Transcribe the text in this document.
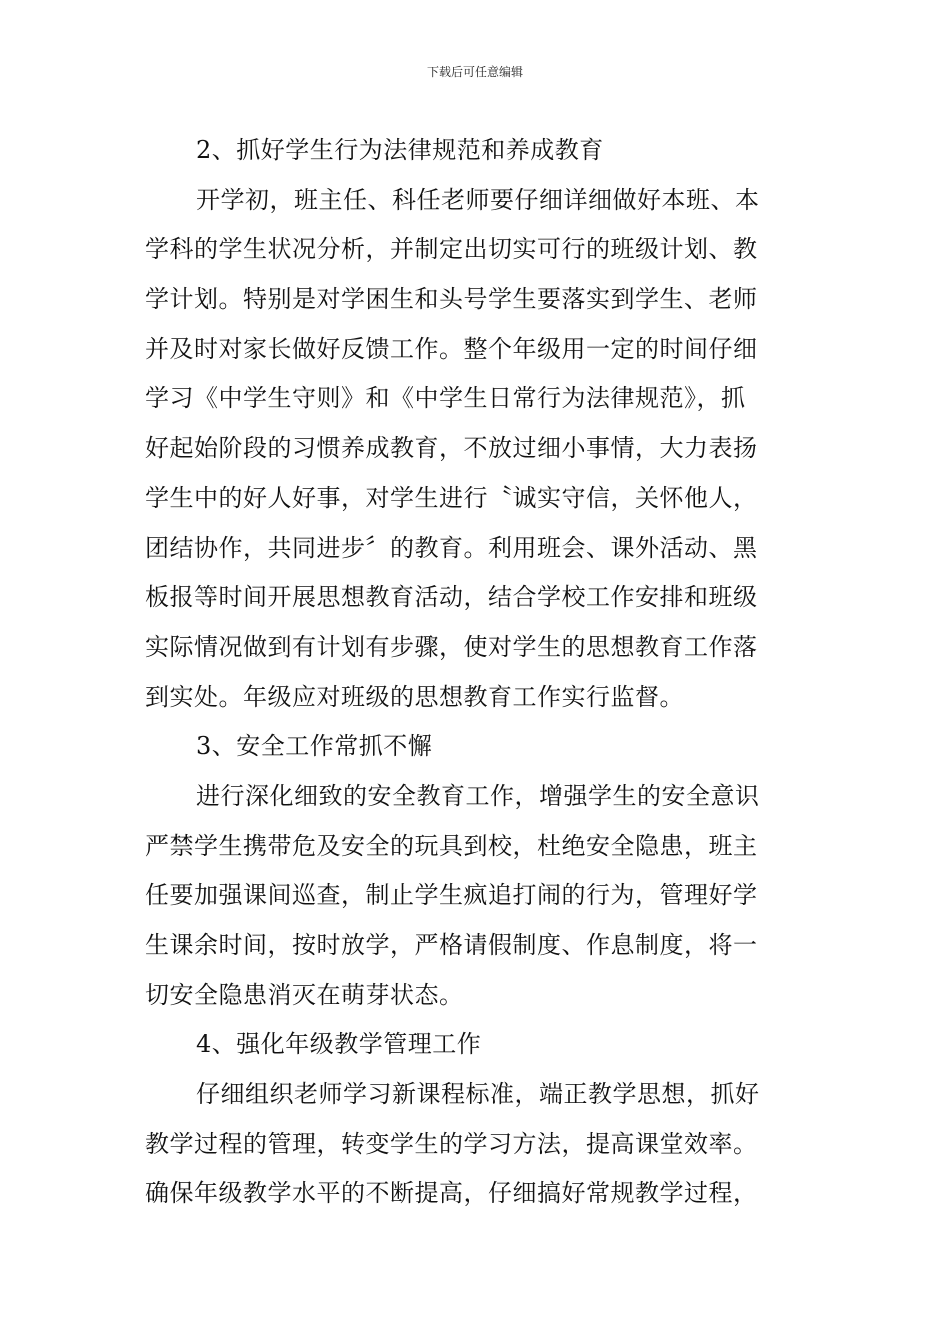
下载后可任意编辑
2、抓好学生行为法律规范和养成教育
开学初，班主任、科任老师要仔细详细做好本班、本
学科的学生状况分析，并制定出切实可行的班级计划、教
学计划。特别是对学困生和头号学生要落实到学生、老师
并及时对家长做好反馈工作。整个年级用一定的时间仔细
学习《中学生守则》和《中学生日常行为法律规范》，抓
好起始阶段的习惯养成教育，不放过细小事情，大力表扬
学生中的好人好事，对学生进行〝诚实守信，关怀他人，
团结协作，共同进步〞的教育。利用班会、课外活动、黑
板报等时间开展思想教育活动，结合学校工作安排和班级
实际情况做到有计划有步骤，使对学生的思想教育工作落
到实处。年级应对班级的思想教育工作实行监督。
3、安全工作常抓不懈
进行深化细致的安全教育工作，增强学生的安全意识
严禁学生携带危及安全的玩具到校，杜绝安全隐患，班主
任要加强课间巡查，制止学生疯追打闹的行为，管理好学
生课余时间，按时放学，严格请假制度、作息制度，将一
切安全隐患消灭在萌芽状态。
4、强化年级教学管理工作
仔细组织老师学习新课程标准，端正教学思想，抓好
教学过程的管理，转变学生的学习方法，提高课堂效率。
确保年级教学水平的不断提高，仔细搞好常规教学过程，
